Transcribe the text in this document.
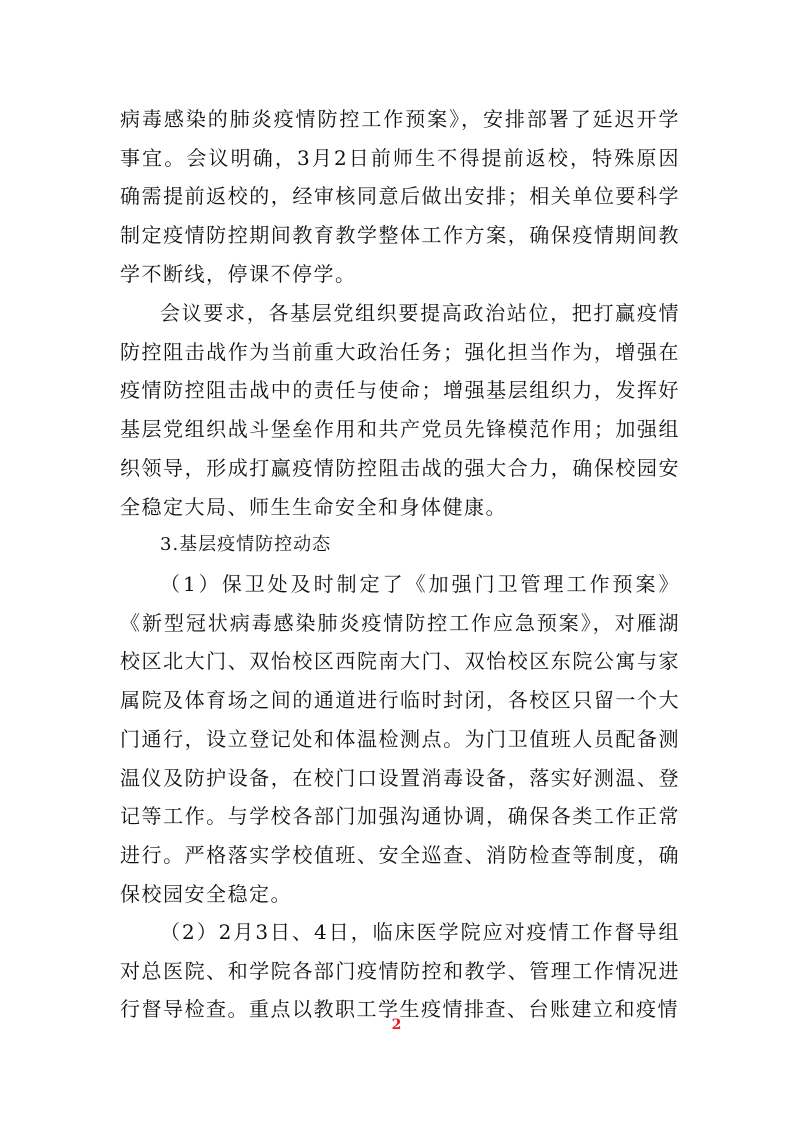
病毒感染的肺炎疫情防控工作预案》，安排部署了延迟开学事宜。会议明确，3月2日前师生不得提前返校，特殊原因确需提前返校的，经审核同意后做出安排；相关单位要科学制定疫情防控期间教育教学整体工作方案，确保疫情期间教学不断线，停课不停学。

会议要求，各基层党组织要提高政治站位，把打赢疫情防控阻击战作为当前重大政治任务；强化担当作为，增强在疫情防控阻击战中的责任与使命；增强基层组织力，发挥好基层党组织战斗堡垒作用和共产党员先锋模范作用；加强组织领导，形成打赢疫情防控阻击战的强大合力，确保校园安全稳定大局、师生生命安全和身体健康。

3.基层疫情防控动态

（1）保卫处及时制定了《加强门卫管理工作预案》《新型冠状病毒感染肺炎疫情防控工作应急预案》，对雁湖校区北大门、双怡校区西院南大门、双怡校区东院公寓与家属院及体育场之间的通道进行临时封闭，各校区只留一个大门通行，设立登记处和体温检测点。为门卫值班人员配备测温仪及防护设备，在校门口设置消毒设备，落实好测温、登记等工作。与学校各部门加强沟通协调，确保各类工作正常进行。严格落实学校值班、安全巡查、消防检查等制度，确保校园安全稳定。

（2）2月3日、4日，临床医学院应对疫情工作督导组对总医院、和学院各部门疫情防控和教学、管理工作情况进行督导检查。重点以教职工学生疫情排查、台账建立和疫情

2
